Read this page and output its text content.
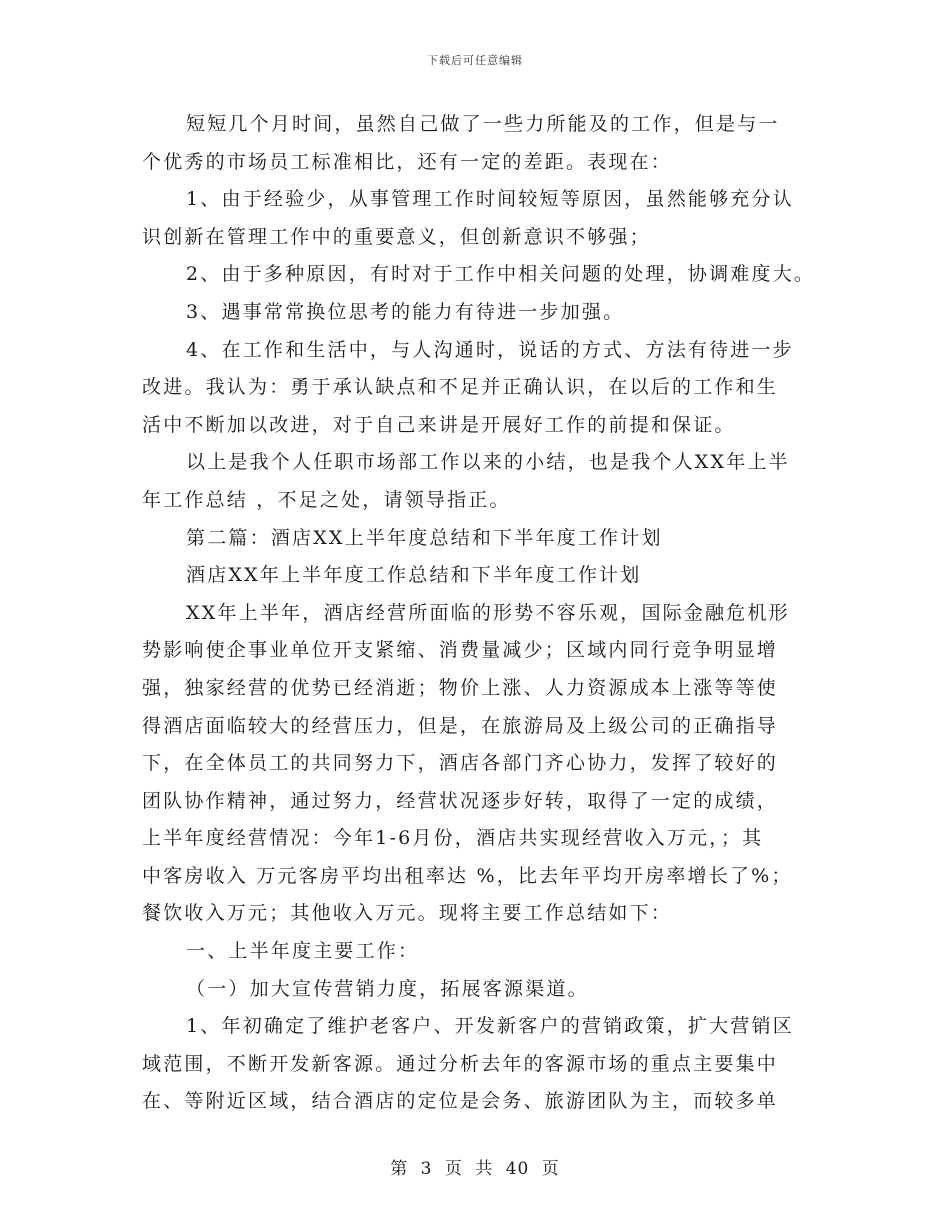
下载后可任意编辑
短短几个月时间，虽然自己做了一些力所能及的工作，但是与一
个优秀的市场员工标准相比，还有一定的差距。表现在：
1、由于经验少，从事管理工作时间较短等原因，虽然能够充分认
识创新在管理工作中的重要意义，但创新意识不够强；
2、由于多种原因，有时对于工作中相关问题的处理，协调难度大。
3、遇事常常换位思考的能力有待进一步加强。
4、在工作和生活中，与人沟通时，说话的方式、方法有待进一步
改进。我认为：勇于承认缺点和不足并正确认识，在以后的工作和生
活中不断加以改进，对于自己来讲是开展好工作的前提和保证。
以上是我个人任职市场部工作以来的小结，也是我个人XX年上半
年工作总结 ，不足之处，请领导指正。
第二篇：酒店XX上半年度总结和下半年度工作计划
酒店XX年上半年度工作总结和下半年度工作计划
XX年上半年，酒店经营所面临的形势不容乐观，国际金融危机形
势影响使企事业单位开支紧缩、消费量减少；区域内同行竞争明显增
强，独家经营的优势已经消逝；物价上涨、人力资源成本上涨等等使
得酒店面临较大的经营压力，但是，在旅游局及上级公司的正确指导
下，在全体员工的共同努力下，酒店各部门齐心协力，发挥了较好的
团队协作精神，通过努力，经营状况逐步好转，取得了一定的成绩，
上半年度经营情况：今年1-6月份，酒店共实现经营收入万元，；其
中客房收入 万元客房平均出租率达 %，比去年平均开房率增长了%；
餐饮收入万元；其他收入万元。现将主要工作总结如下：
一、上半年度主要工作：
（一）加大宣传营销力度，拓展客源渠道。
1、年初确定了维护老客户、开发新客户的营销政策，扩大营销区
域范围，不断开发新客源。通过分析去年的客源市场的重点主要集中
在、等附近区域，结合酒店的定位是会务、旅游团队为主，而较多单
第 3 页 共 40 页
